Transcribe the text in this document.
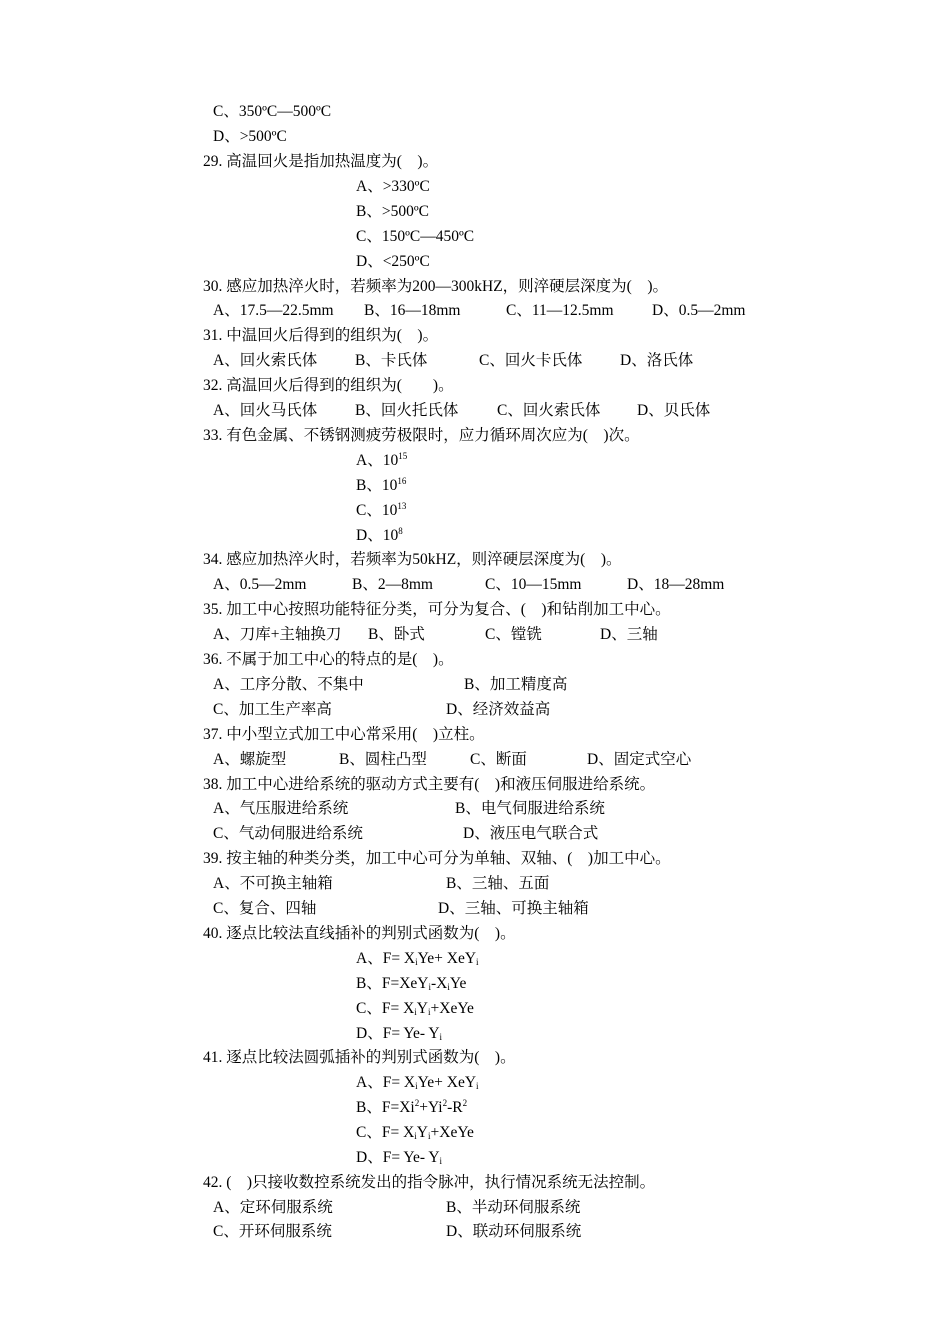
C、350ºC—500ºC
D、>500ºC
29. 高温回火是指加热温度为(    )。
A、>330ºC
B、>500ºC
C、150ºC—450ºC
D、<250ºC
30. 感应加热淬火时，若频率为200—300kHZ，则淬硬层深度为(    )。
A、17.5—22.5mm B、16—18mm	C、11—12.5mm D、0.5—2mm
31. 中温回火后得到的组织为(    )。
A、回火索氏体 B、卡氏体	C、回火卡氏体 D、洛氏体
32. 高温回火后得到的组织为(        )。
A、回火马氏体 B、回火托氏体 C、回火索氏体 D、贝氏体
33. 有色金属、不锈钢测疲劳极限时，应力循环周次应为(    )次。
A、$10^{15}$
B、$10^{16}$
C、$10^{13}$
D、$10^8$
34. 感应加热淬火时，若频率为50kHZ，则淬硬层深度为(    )。
A、0.5—2mm	B、2—8mm	C、10—15mm	D、18—28mm
35. 加工中心按照功能特征分类，可分为复合、(    )和钻削加工中心。
A、刀库+主轴换刀 B、卧式	C、镗铣	D、三轴
36. 不属于加工中心的特点的是(    )。
A、工序分散、不集中	B、加工精度高
C、加工生产率高	D、经济效益高
37. 中小型立式加工中心常采用(    )立柱。
A、螺旋型	B、圆柱凸型	C、断面	D、固定式空心
38. 加工中心进给系统的驱动方式主要有(    )和液压伺服进给系统。
A、气压服进给系统	B、电气伺服进给系统
C、气动伺服进给系统	D、液压电气联合式
39. 按主轴的种类分类，加工中心可分为单轴、双轴、(    )加工中心。
A、不可换主轴箱	B、三轴、五面
C、复合、四轴	D、三轴、可换主轴箱
40. 逐点比较法直线插补的判别式函数为(    )。
A、$F= X_iYe+ XeY_i$
B、$F=XeY_i-X_iYe$
C、$F= X_iY_i+XeYe$
D、F= Ye- $Y_i$
41. 逐点比较法圆弧插补的判别式函数为(    )。
A、$F= X_iYe+ XeY_i$
B、$F=Xi^2+Yi^2-R^2$
C、$F= X_iY_i+XeYe$
D、F= Ye- $Y_i$
42. (    )只接收数控系统发出的指令脉冲，执行情况系统无法控制。
A、定环伺服系统	B、半动环伺服系统
C、开环伺服系统	D、联动环伺服系统
